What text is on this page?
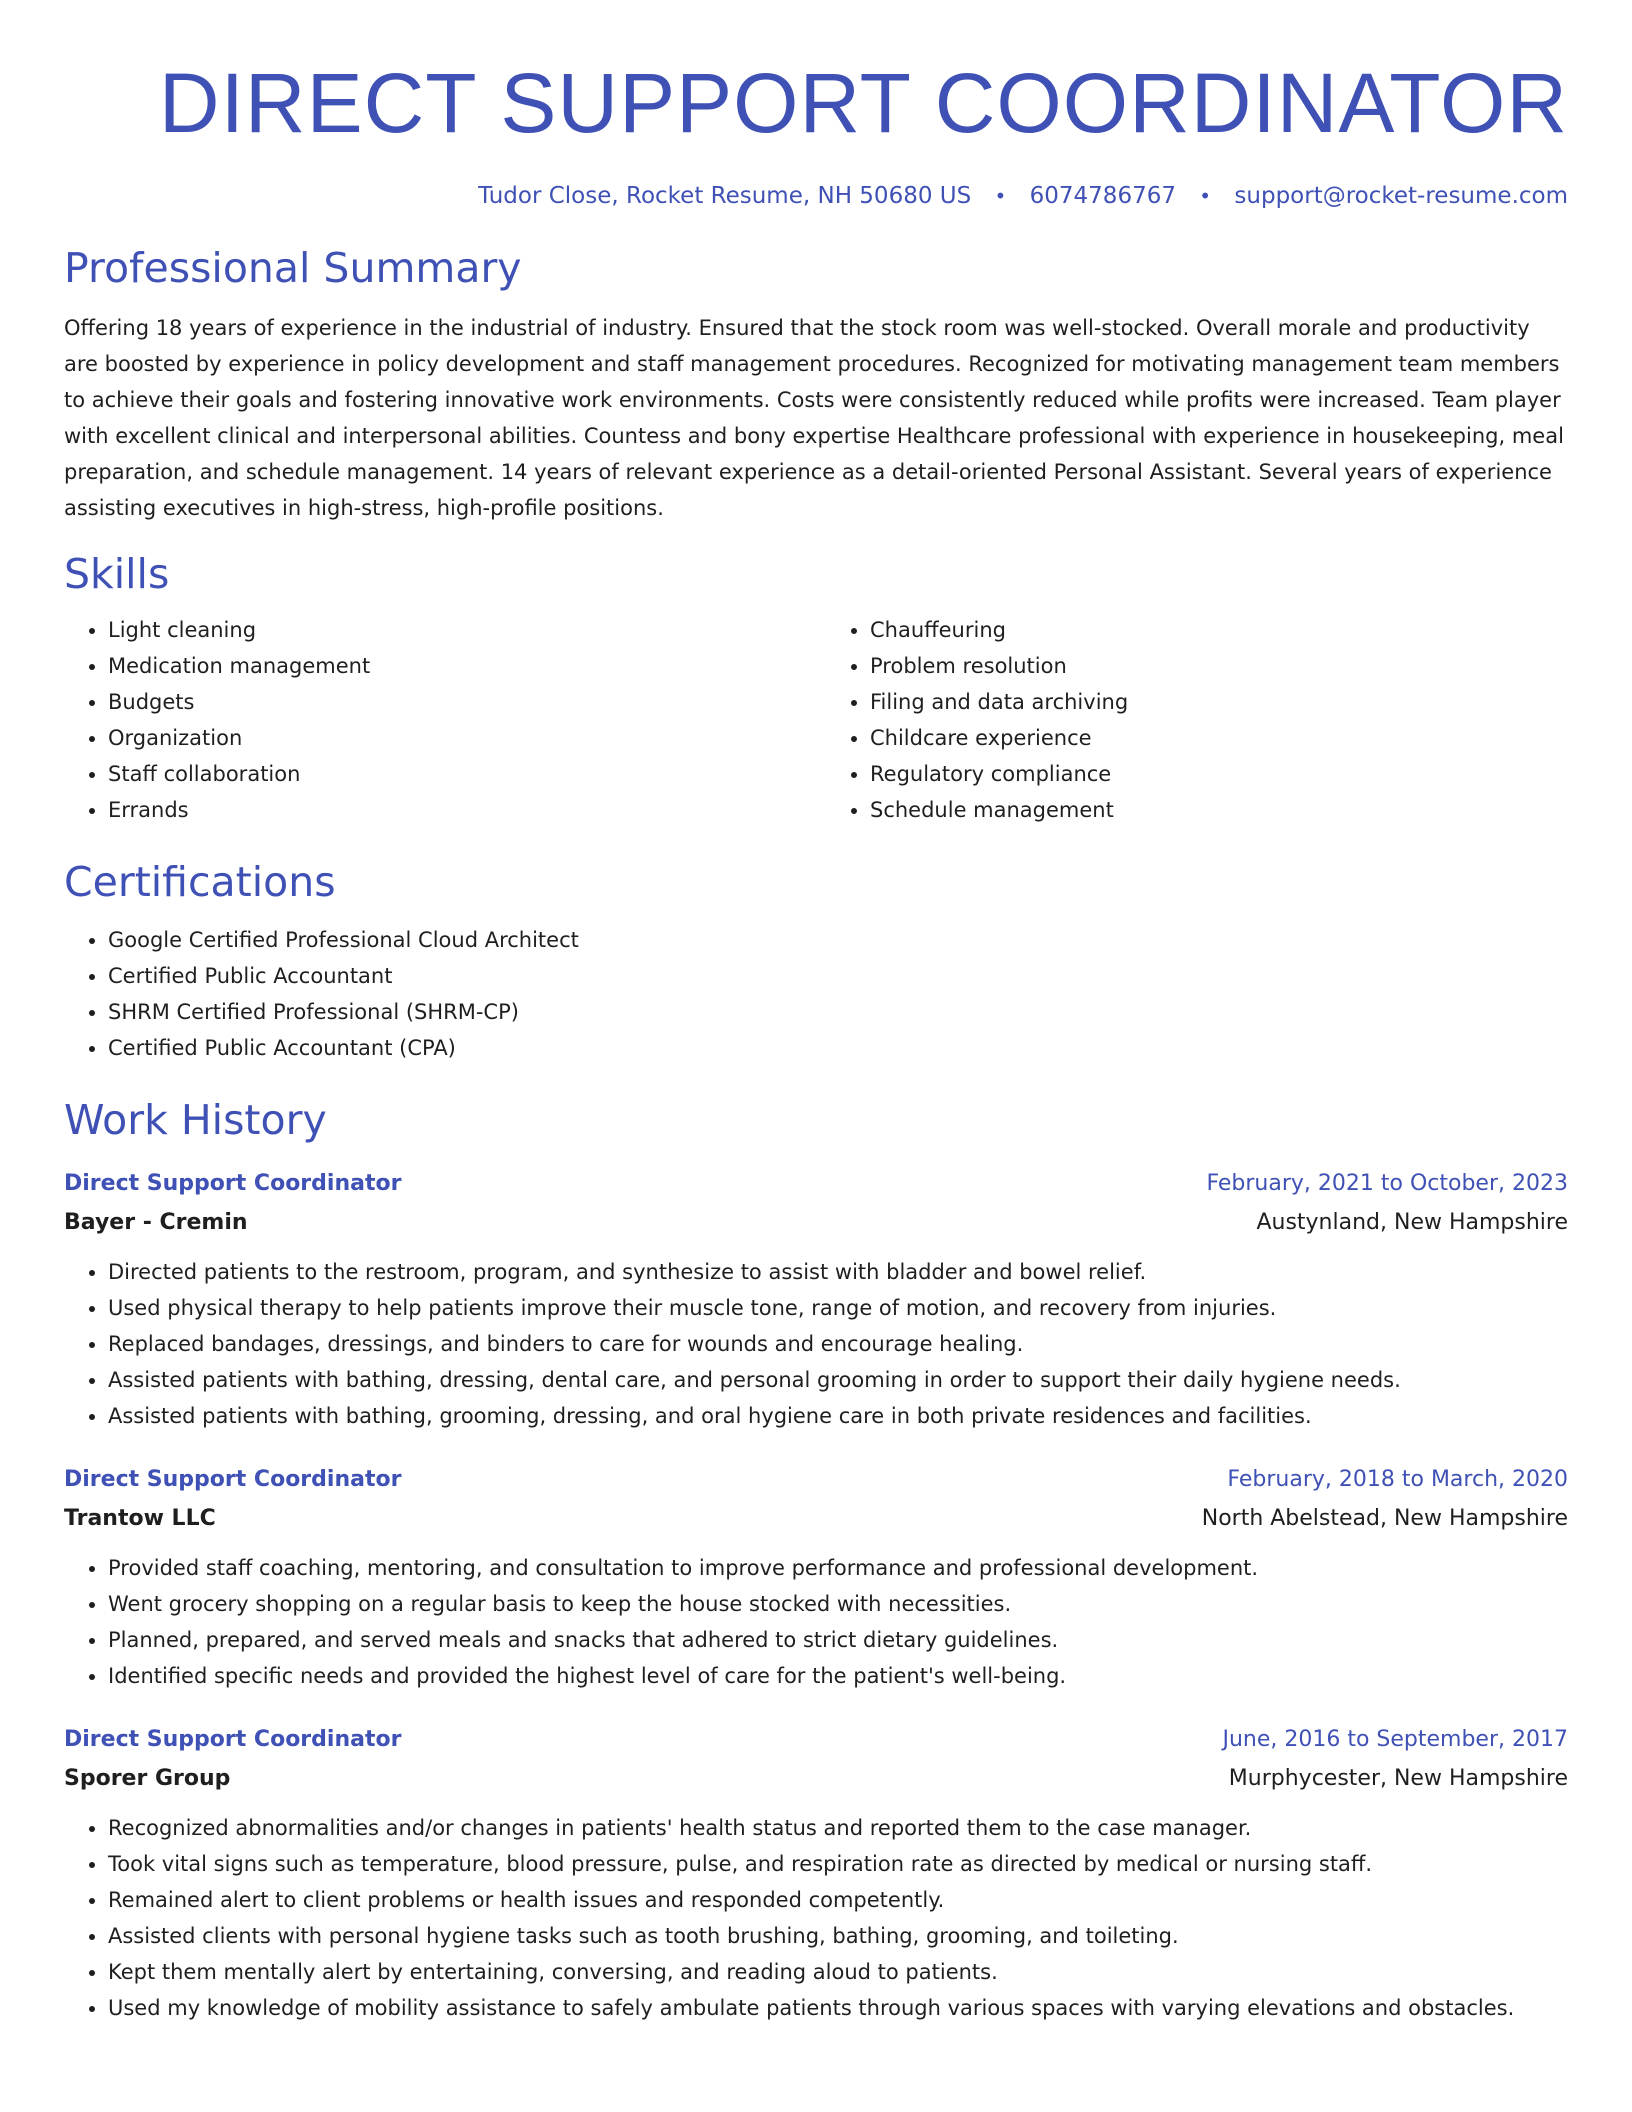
DIRECT SUPPORT COORDINATOR
Tudor Close, Rocket Resume, NH 50680 US • 6074786767 • support@rocket-resume.com
Professional Summary

Offering 18 years of experience in the industrial of industry. Ensured that the stock room was well-stocked. Overall morale and productivity are boosted by experience in policy development and staff management procedures. Recognized for motivating management team members to achieve their goals and fostering innovative work environments. Costs were consistently reduced while profits were increased. Team player with excellent clinical and interpersonal abilities. Countess and bony expertise Healthcare professional with experience in housekeeping, meal preparation, and schedule management. 14 years of relevant experience as a detail-oriented Personal Assistant. Several years of experience assisting executives in high-stress, high-profile positions.

Skills
• Light cleaning
• Medication management
• Budgets
• Organization
• Staff collaboration
• Errands
• Chauffeuring
• Problem resolution
• Filing and data archiving
• Childcare experience
• Regulatory compliance
• Schedule management
Certifications
• Google Certified Professional Cloud Architect
• Certified Public Accountant
• SHRM Certified Professional (SHRM-CP)
• Certified Public Accountant (CPA)
Work History
Direct Support Coordinator	February, 2021 to October, 2023
Bayer - Cremin	Austynland, New Hampshire
• Directed patients to the restroom, program, and synthesize to assist with bladder and bowel relief.
• Used physical therapy to help patients improve their muscle tone, range of motion, and recovery from injuries.
• Replaced bandages, dressings, and binders to care for wounds and encourage healing.
• Assisted patients with bathing, dressing, dental care, and personal grooming in order to support their daily hygiene needs.
• Assisted patients with bathing, grooming, dressing, and oral hygiene care in both private residences and facilities.
Direct Support Coordinator	February, 2018 to March, 2020
Trantow LLC	North Abelstead, New Hampshire
• Provided staff coaching, mentoring, and consultation to improve performance and professional development.
• Went grocery shopping on a regular basis to keep the house stocked with necessities.
• Planned, prepared, and served meals and snacks that adhered to strict dietary guidelines.
• Identified specific needs and provided the highest level of care for the patient's well-being.
Direct Support Coordinator	June, 2016 to September, 2017
Sporer Group	Murphycester, New Hampshire
• Recognized abnormalities and/or changes in patients' health status and reported them to the case manager.
• Took vital signs such as temperature, blood pressure, pulse, and respiration rate as directed by medical or nursing staff.
• Remained alert to client problems or health issues and responded competently.
• Assisted clients with personal hygiene tasks such as tooth brushing, bathing, grooming, and toileting.
• Kept them mentally alert by entertaining, conversing, and reading aloud to patients.
• Used my knowledge of mobility assistance to safely ambulate patients through various spaces with varying elevations and obstacles.
